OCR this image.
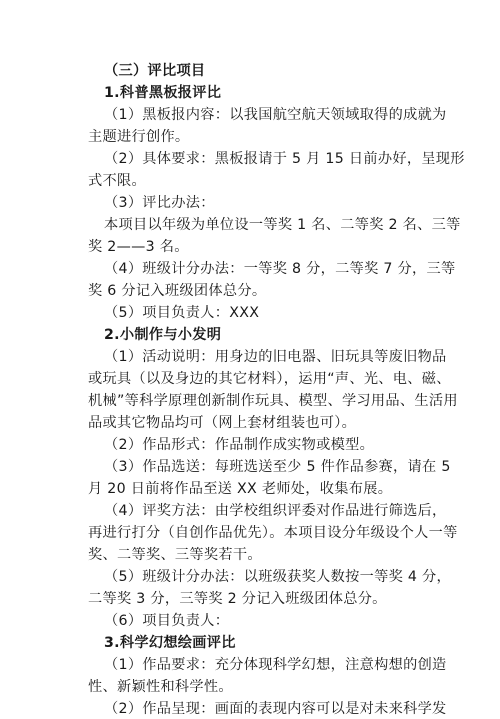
（三）评比项目
1.科普黑板报评比
（1）黑板报内容：以我国航空航天领域取得的成就为
主题进行创作。
（2）具体要求：黑板报请于 5 月 15 日前办好，呈现形
式不限。
（3）评比办法：
本项目以年级为单位设一等奖 1 名、二等奖 2 名、三等
奖 2——3 名。
（4）班级计分办法：一等奖 8 分，二等奖 7 分，三等
奖 6 分记入班级团体总分。
（5）项目负责人：XXX
2.小制作与小发明
（1）活动说明：用身边的旧电器、旧玩具等废旧物品
或玩具（以及身边的其它材料），运用“声、光、电、磁、
机械”等科学原理创新制作玩具、模型、学习用品、生活用
品或其它物品均可（网上套材组装也可）。
（2）作品形式：作品制作成实物或模型。
（3）作品选送：每班选送至少 5 件作品参赛，请在 5
月 20 日前将作品至送 XX 老师处，收集布展。
（4）评奖方法：由学校组织评委对作品进行筛选后，
再进行打分（自创作品优先）。本项目设分年级设个人一等
奖、二等奖、三等奖若干。
（5）班级计分办法：以班级获奖人数按一等奖 4 分，
二等奖 3 分，三等奖 2 分记入班级团体总分。
（6）项目负责人：
3.科学幻想绘画评比
（1）作品要求：充分体现科学幻想，注意构想的创造
性、新颖性和科学性。
（2）作品呈现：画面的表现内容可以是对未来科学发
